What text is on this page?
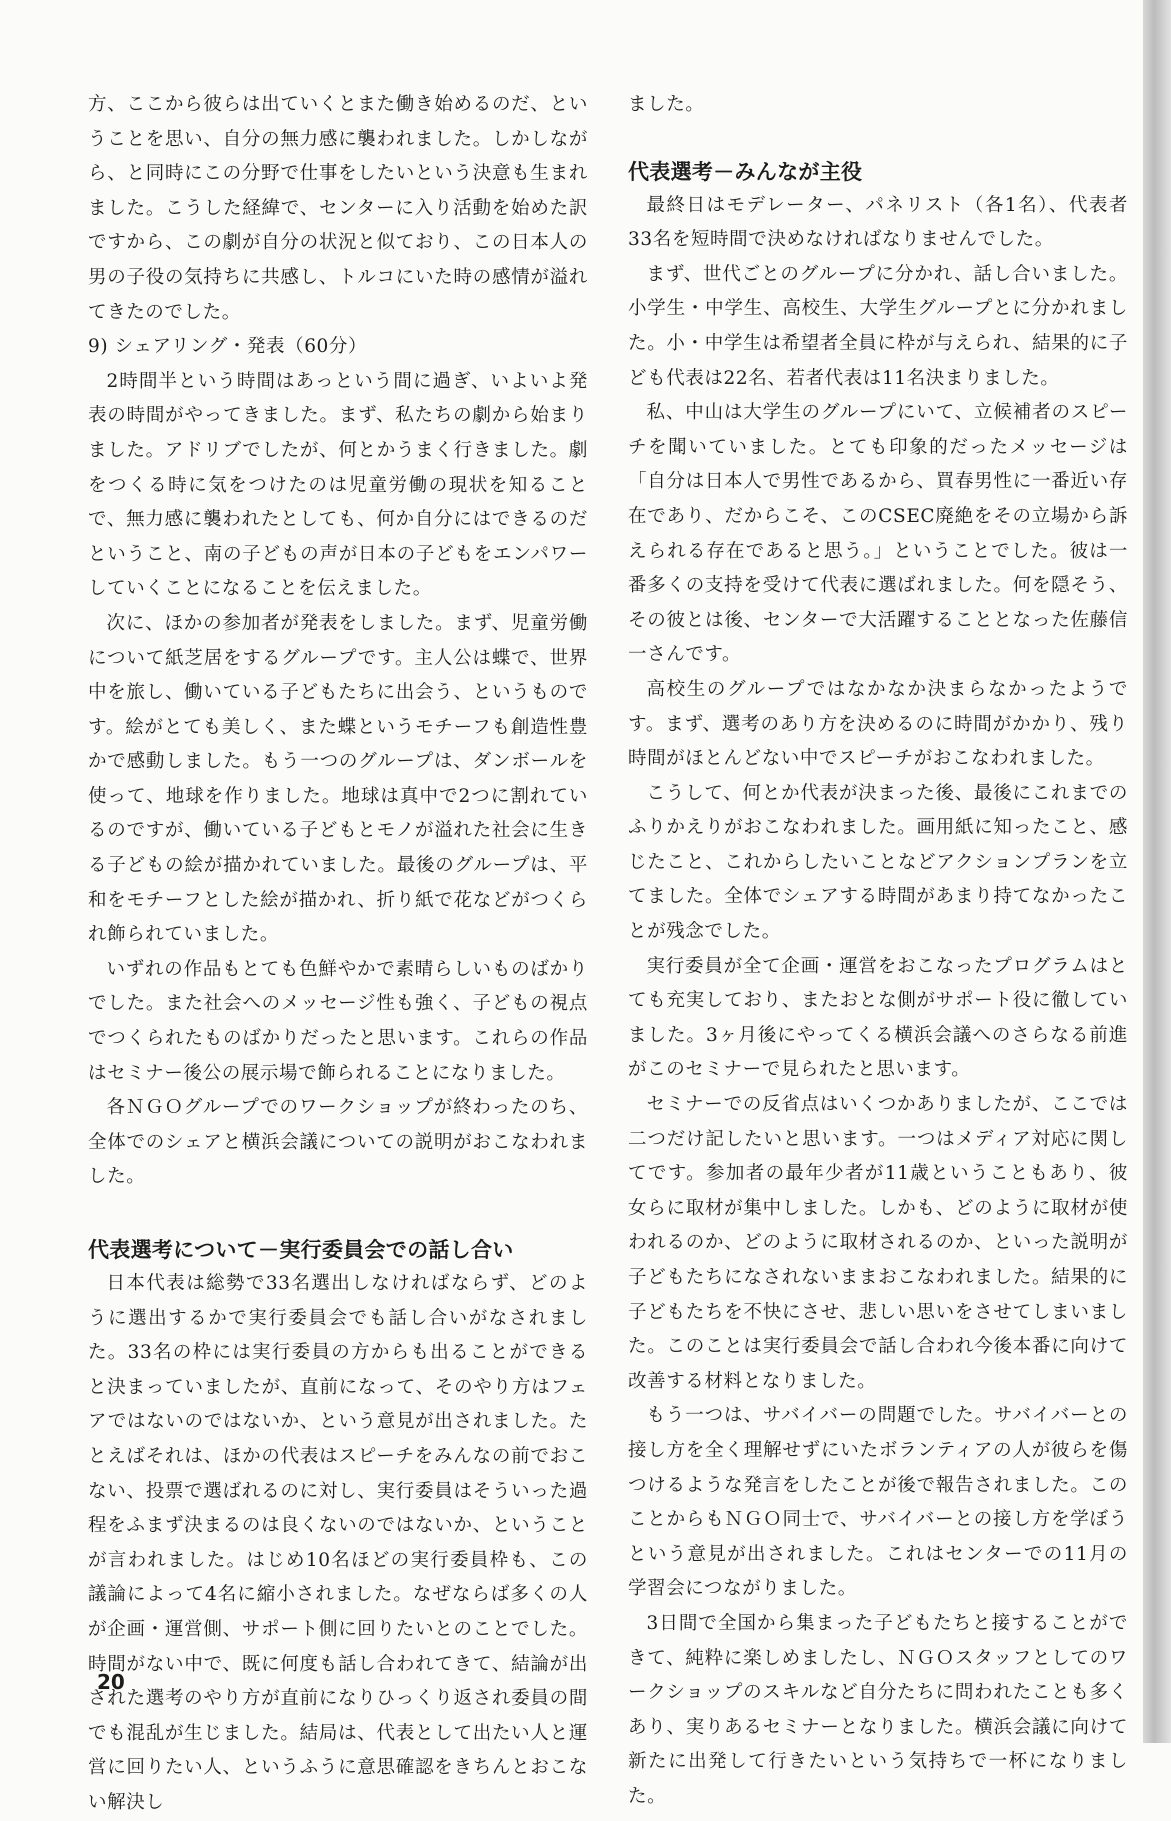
方、ここから彼らは出ていくとまた働き始めるのだ、ということを思い、自分の無力感に襲われました。しかしながら、と同時にこの分野で仕事をしたいという決意も生まれました。こうした経緯で、センターに入り活動を始めた訳ですから、この劇が自分の状況と似ており、この日本人の男の子役の気持ちに共感し、トルコにいた時の感情が溢れてきたのでした。

9) シェアリング・発表（60分）

2時間半という時間はあっという間に過ぎ、いよいよ発表の時間がやってきました。まず、私たちの劇から始まりました。アドリブでしたが、何とかうまく行きました。劇をつくる時に気をつけたのは児童労働の現状を知ることで、無力感に襲われたとしても、何か自分にはできるのだということ、南の子どもの声が日本の子どもをエンパワーしていくことになることを伝えました。

次に、ほかの参加者が発表をしました。まず、児童労働について紙芝居をするグループです。主人公は蝶で、世界中を旅し、働いている子どもたちに出会う、というものです。絵がとても美しく、また蝶というモチーフも創造性豊かで感動しました。もう一つのグループは、ダンボールを使って、地球を作りました。地球は真中で2つに割れているのですが、働いている子どもとモノが溢れた社会に生きる子どもの絵が描かれていました。最後のグループは、平和をモチーフとした絵が描かれ、折り紙で花などがつくられ飾られていました。

いずれの作品もとても色鮮やかで素晴らしいものばかりでした。また社会へのメッセージ性も強く、子どもの視点でつくられたものばかりだったと思います。これらの作品はセミナー後公の展示場で飾られることになりました。

各ＮＧＯグループでのワークショップが終わったのち、全体でのシェアと横浜会議についての説明がおこなわれました。

代表選考について－実行委員会での話し合い

日本代表は総勢で33名選出しなければならず、どのように選出するかで実行委員会でも話し合いがなされました。33名の枠には実行委員の方からも出ることができると決まっていましたが、直前になって、そのやり方はフェアではないのではないか、という意見が出されました。たとえばそれは、ほかの代表はスピーチをみんなの前でおこない、投票で選ばれるのに対し、実行委員はそういった過程をふまず決まるのは良くないのではないか、ということが言われました。はじめ10名ほどの実行委員枠も、この議論によって4名に縮小されました。なぜならば多くの人が企画・運営側、サポート側に回りたいとのことでした。時間がない中で、既に何度も話し合われてきて、結論が出された選考のやり方が直前になりひっくり返され委員の間でも混乱が生じました。結局は、代表として出たい人と運営に回りたい人、というふうに意思確認をきちんとおこない解決し

ました。

代表選考－みんなが主役

最終日はモデレーター、パネリスト（各1名）、代表者33名を短時間で決めなければなりませんでした。

まず、世代ごとのグループに分かれ、話し合いました。小学生・中学生、高校生、大学生グループとに分かれました。小・中学生は希望者全員に枠が与えられ、結果的に子ども代表は22名、若者代表は11名決まりました。

私、中山は大学生のグループにいて、立候補者のスピーチを聞いていました。とても印象的だったメッセージは「自分は日本人で男性であるから、買春男性に一番近い存在であり、だからこそ、このCSEC廃絶をその立場から訴えられる存在であると思う。」ということでした。彼は一番多くの支持を受けて代表に選ばれました。何を隠そう、その彼とは後、センターで大活躍することとなった佐藤信一さんです。

高校生のグループではなかなか決まらなかったようです。まず、選考のあり方を決めるのに時間がかかり、残り時間がほとんどない中でスピーチがおこなわれました。

こうして、何とか代表が決まった後、最後にこれまでのふりかえりがおこなわれました。画用紙に知ったこと、感じたこと、これからしたいことなどアクションプランを立てました。全体でシェアする時間があまり持てなかったことが残念でした。

実行委員が全て企画・運営をおこなったプログラムはとても充実しており、またおとな側がサポート役に徹していました。3ヶ月後にやってくる横浜会議へのさらなる前進がこのセミナーで見られたと思います。

セミナーでの反省点はいくつかありましたが、ここでは二つだけ記したいと思います。一つはメディア対応に関してです。参加者の最年少者が11歳ということもあり、彼女らに取材が集中しました。しかも、どのように取材が使われるのか、どのように取材されるのか、といった説明が子どもたちになされないままおこなわれました。結果的に子どもたちを不快にさせ、悲しい思いをさせてしまいました。このことは実行委員会で話し合われ今後本番に向けて改善する材料となりました。

もう一つは、サバイバーの問題でした。サバイバーとの接し方を全く理解せずにいたボランティアの人が彼らを傷つけるような発言をしたことが後で報告されました。このことからもＮＧＯ同士で、サバイバーとの接し方を学ぼうという意見が出されました。これはセンターでの11月の学習会につながりました。

3日間で全国から集まった子どもたちと接することができて、純粋に楽しめましたし、ＮＧＯスタッフとしてのワークショップのスキルなど自分たちに問われたことも多くあり、実りあるセミナーとなりました。横浜会議に向けて新たに出発して行きたいという気持ちで一杯になりました。

20
